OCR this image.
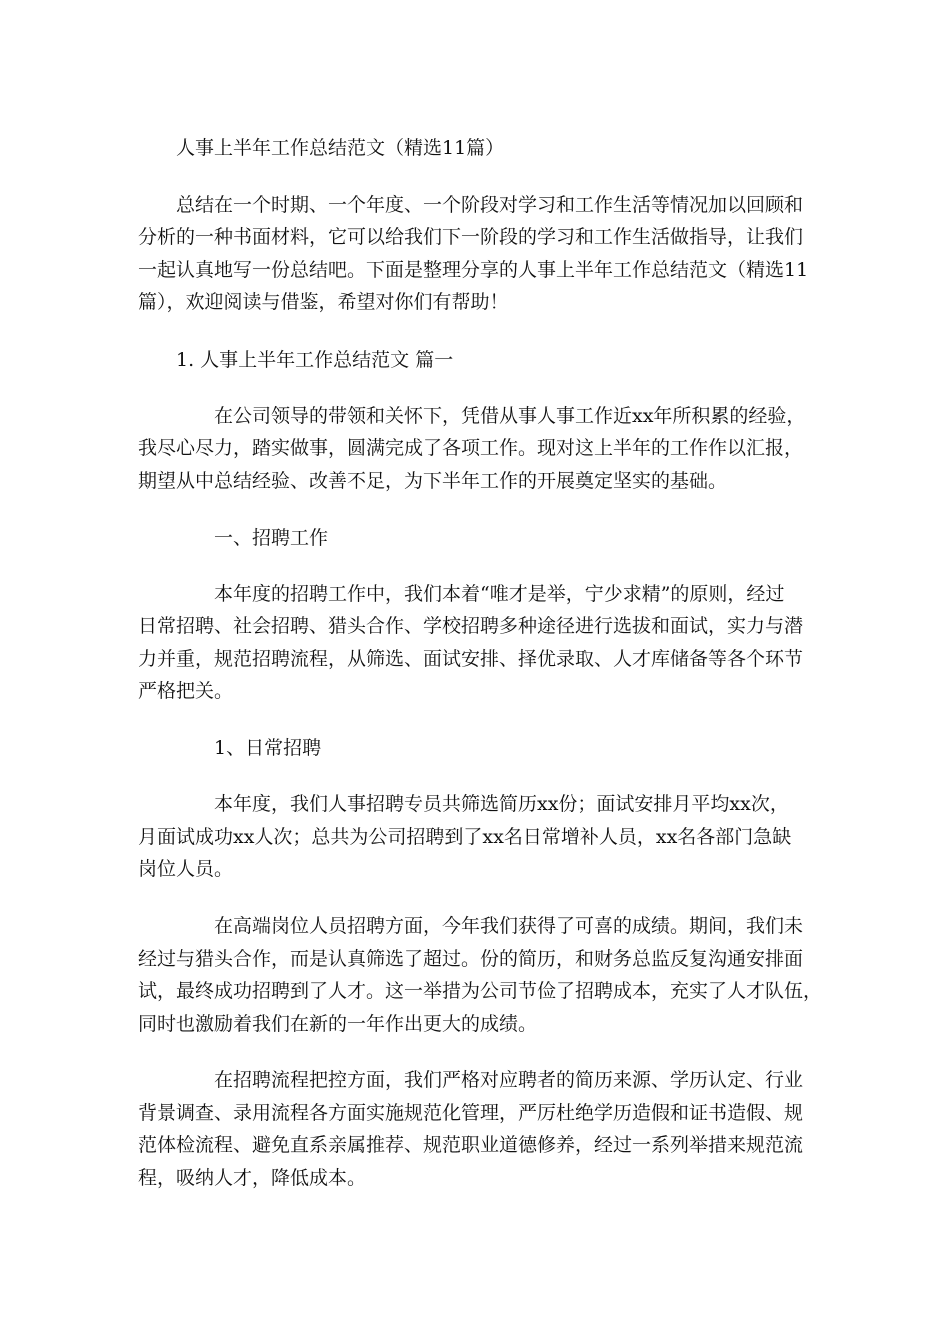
人事上半年工作总结范文（精选11篇）

总结在一个时期、一个年度、一个阶段对学习和工作生活等情况加以回顾和

分析的一种书面材料，它可以给我们下一阶段的学习和工作生活做指导，让我们

一起认真地写一份总结吧。下面是整理分享的人事上半年工作总结范文（精选11

篇），欢迎阅读与借鉴，希望对你们有帮助！

1. 人事上半年工作总结范文 篇一

在公司领导的带领和关怀下，凭借从事人事工作近xx年所积累的经验，

我尽心尽力，踏实做事，圆满完成了各项工作。现对这上半年的工作作以汇报，

期望从中总结经验、改善不足，为下半年工作的开展奠定坚实的基础。

一、招聘工作

本年度的招聘工作中，我们本着“唯才是举，宁少求精”的原则，经过

日常招聘、社会招聘、猎头合作、学校招聘多种途径进行选拔和面试，实力与潜

力并重，规范招聘流程，从筛选、面试安排、择优录取、人才库储备等各个环节

严格把关。

1、日常招聘

本年度，我们人事招聘专员共筛选简历xx份；面试安排月平均xx次，

月面试成功xx人次；总共为公司招聘到了xx名日常增补人员，xx名各部门急缺

岗位人员。

在高端岗位人员招聘方面，今年我们获得了可喜的成绩。期间，我们未

经过与猎头合作，而是认真筛选了超过。份的简历，和财务总监反复沟通安排面

试，最终成功招聘到了人才。这一举措为公司节俭了招聘成本，充实了人才队伍，

同时也激励着我们在新的一年作出更大的成绩。

在招聘流程把控方面，我们严格对应聘者的简历来源、学历认定、行业

背景调查、录用流程各方面实施规范化管理，严厉杜绝学历造假和证书造假、规

范体检流程、避免直系亲属推荐、规范职业道德修养，经过一系列举措来规范流

程，吸纳人才，降低成本。
